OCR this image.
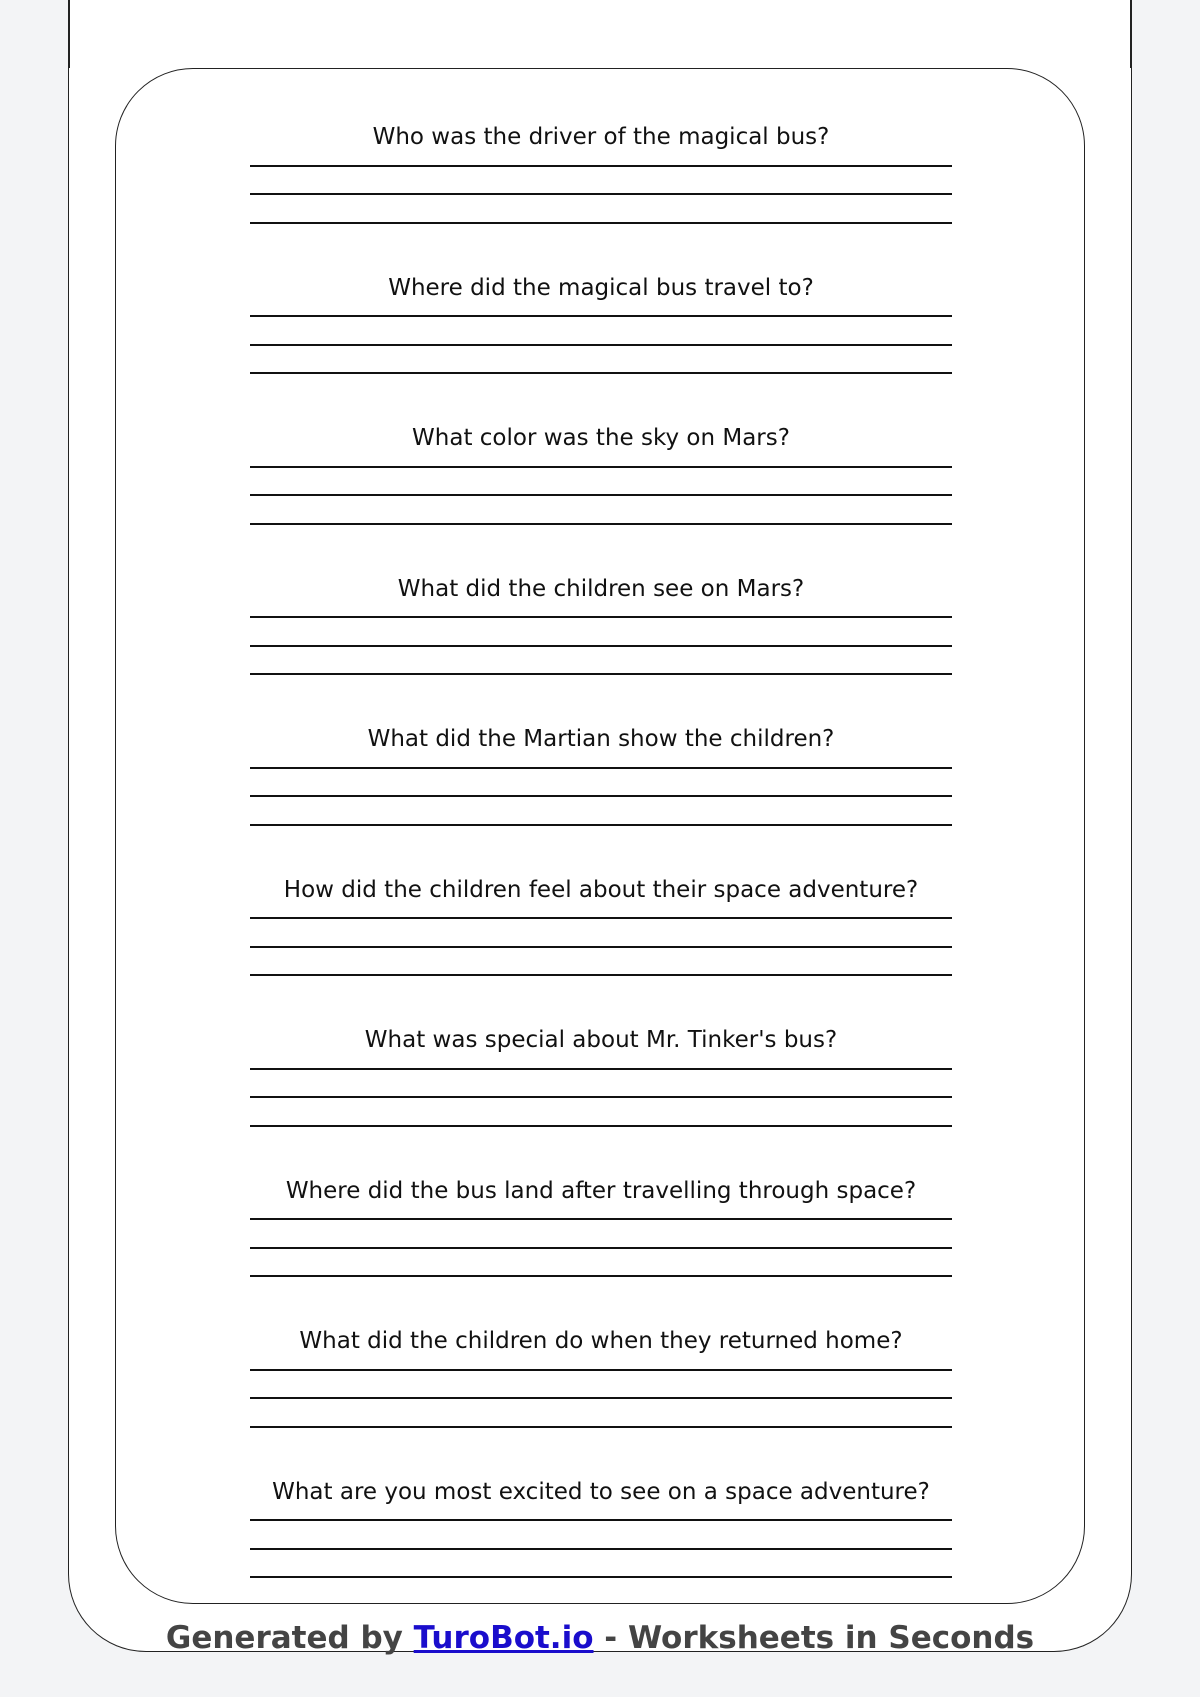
Who was the driver of the magical bus?
Where did the magical bus travel to?
What color was the sky on Mars?
What did the children see on Mars?
What did the Martian show the children?
How did the children feel about their space adventure?
What was special about Mr. Tinker's bus?
Where did the bus land after travelling through space?
What did the children do when they returned home?
What are you most excited to see on a space adventure?
Generated by TuroBot.io - Worksheets in Seconds
